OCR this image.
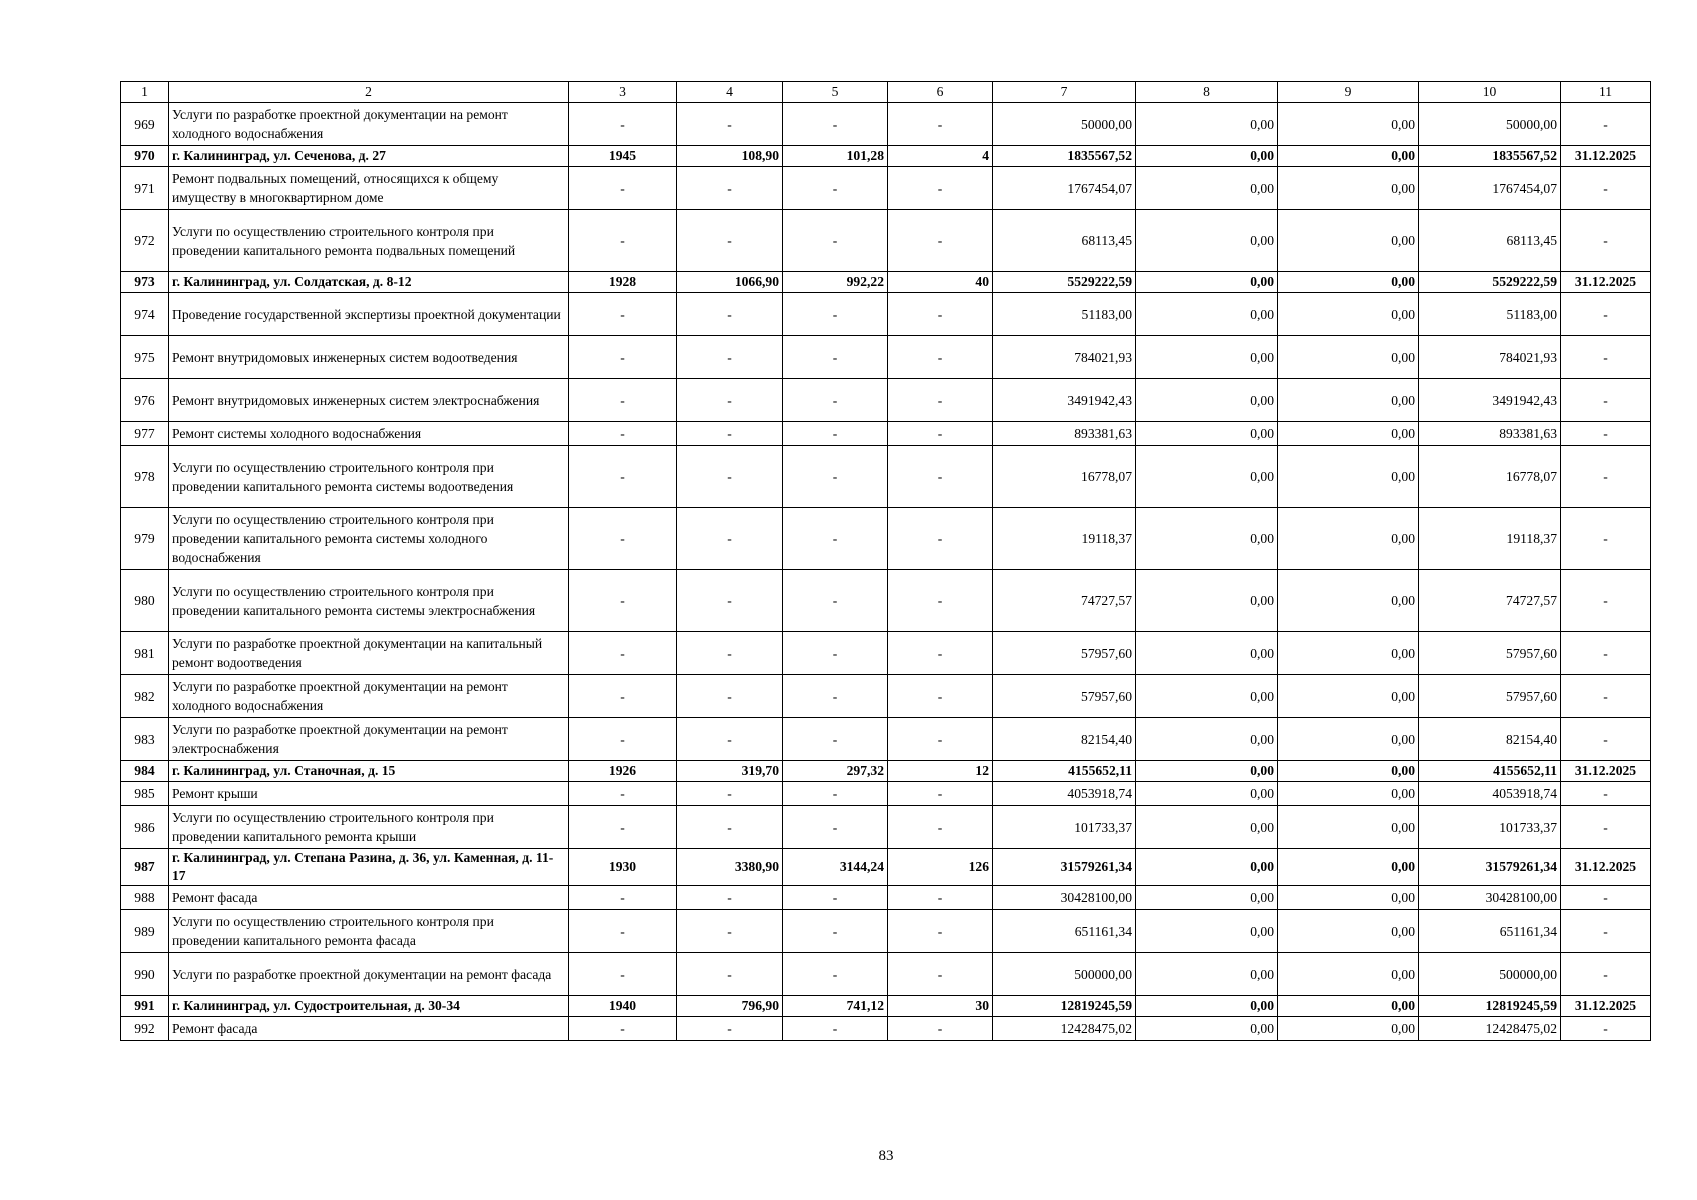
1	2	3	4	5	6	7	8	9	10	11
969	Услуги по разработке проектной документации на ремонт холодного водоснабжения	-	-	-	-	50000,00	0,00	0,00	50000,00	-
970	г. Калининград, ул. Сеченова, д. 27	1945	108,90	101,28	4	1835567,52	0,00	0,00	1835567,52	31.12.2025
971	Ремонт подвальных помещений, относящихся к общему имуществу в многоквартирном доме	-	-	-	-	1767454,07	0,00	0,00	1767454,07	-
972	Услуги по осуществлению строительного контроля при проведении капитального ремонта подвальных помещений	-	-	-	-	68113,45	0,00	0,00	68113,45	-
973	г. Калининград, ул. Солдатская, д. 8-12	1928	1066,90	992,22	40	5529222,59	0,00	0,00	5529222,59	31.12.2025
974	Проведение государственной экспертизы проектной документации	-	-	-	-	51183,00	0,00	0,00	51183,00	-
975	Ремонт внутридомовых инженерных систем водоотведения	-	-	-	-	784021,93	0,00	0,00	784021,93	-
976	Ремонт внутридомовых инженерных систем электроснабжения	-	-	-	-	3491942,43	0,00	0,00	3491942,43	-
977	Ремонт системы холодного водоснабжения	-	-	-	-	893381,63	0,00	0,00	893381,63	-
978	Услуги по осуществлению строительного контроля при проведении капитального ремонта системы водоотведения	-	-	-	-	16778,07	0,00	0,00	16778,07	-
979	Услуги по осуществлению строительного контроля при проведении капитального ремонта системы холодного водоснабжения	-	-	-	-	19118,37	0,00	0,00	19118,37	-
980	Услуги по осуществлению строительного контроля при проведении капитального ремонта системы электроснабжения	-	-	-	-	74727,57	0,00	0,00	74727,57	-
981	Услуги по разработке проектной документации на капитальный ремонт водоотведения	-	-	-	-	57957,60	0,00	0,00	57957,60	-
982	Услуги по разработке проектной документации на ремонт холодного водоснабжения	-	-	-	-	57957,60	0,00	0,00	57957,60	-
983	Услуги по разработке проектной документации на ремонт электроснабжения	-	-	-	-	82154,40	0,00	0,00	82154,40	-
984	г. Калининград, ул. Станочная, д. 15	1926	319,70	297,32	12	4155652,11	0,00	0,00	4155652,11	31.12.2025
985	Ремонт крыши	-	-	-	-	4053918,74	0,00	0,00	4053918,74	-
986	Услуги по осуществлению строительного контроля при проведении капитального ремонта крыши	-	-	-	-	101733,37	0,00	0,00	101733,37	-
987	г. Калининград, ул. Степана Разина, д. 36, ул. Каменная, д. 11-17	1930	3380,90	3144,24	126	31579261,34	0,00	0,00	31579261,34	31.12.2025
988	Ремонт фасада	-	-	-	-	30428100,00	0,00	0,00	30428100,00	-
989	Услуги по осуществлению строительного контроля при проведении капитального ремонта фасада	-	-	-	-	651161,34	0,00	0,00	651161,34	-
990	Услуги по разработке проектной документации на ремонт фасада	-	-	-	-	500000,00	0,00	0,00	500000,00	-
991	г. Калининград, ул. Судостроительная, д. 30-34	1940	796,90	741,12	30	12819245,59	0,00	0,00	12819245,59	31.12.2025
992	Ремонт фасада	-	-	-	-	12428475,02	0,00	0,00	12428475,02	-
83
